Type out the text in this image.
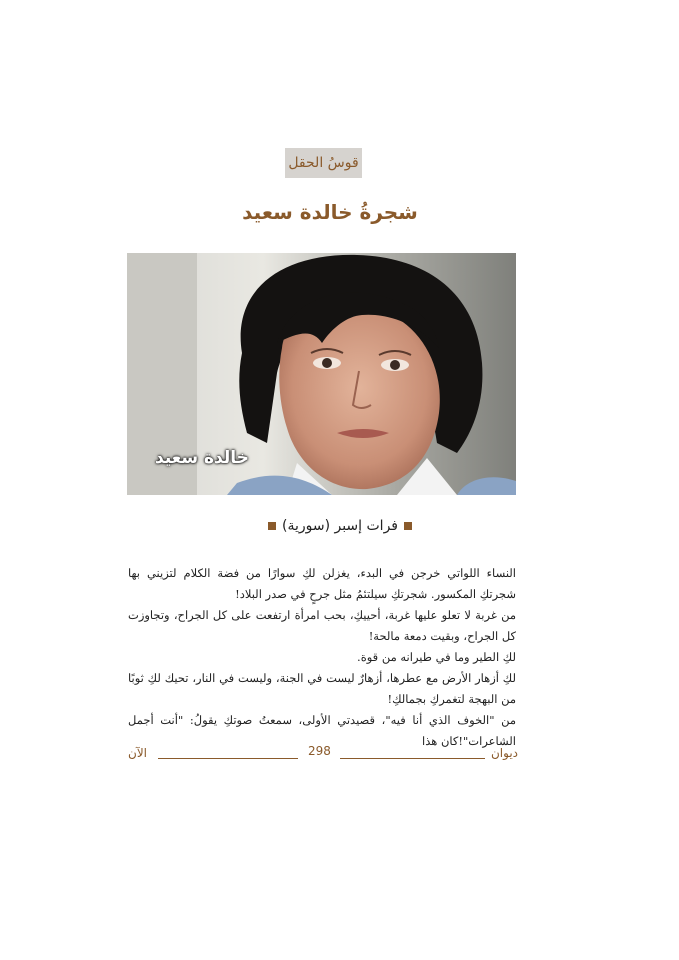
قوسُ الحقل
شجرةُ خالدة سعيد
خالدة سعيد
فرات إسبر (سورية)

النساء اللواتي خرجن في البدء، يغزلن لكِ سوارًا من فضة الكلام لتزيني بها شجرتكِ المكسور. شجرتكِ سيلتئمُ مثل جرحٍ في صدر البلاد!

من غربة لا تعلو عليها غربة، أحييكِ، بحب امرأة ارتفعت على كل الجراح، وتجاوزت كل الجراح، وبقيت دمعة مالحة!

لكِ الطير وما في طيرانه من قوة.

لكِ أزهار الأرض مع عطرها، أزهارٌ ليست في الجنة، وليست في النار، تحيك لكِ ثوبًا من البهجة لتغمركِ بجمالكِ!

من "الخوف الذي أنا فيه"، قصيدتي الأولى، سمعتُ صوتكِ يقولُ: "أنت أجمل الشاعرات"!كان هذا

الآن	298	ديوان
